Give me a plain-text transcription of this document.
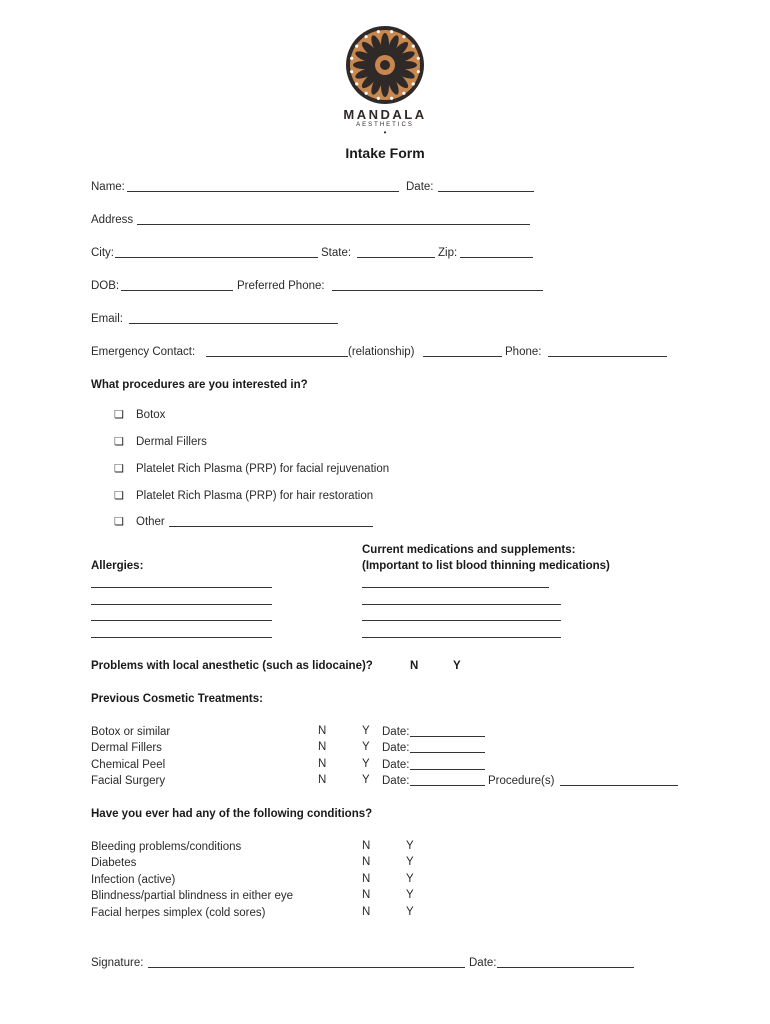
MANDALA
AESTHETICS
•
Intake Form
Name:	Date:
Address
City:	State:	Zip:
DOB:	Preferred Phone:
Email:
Emergency Contact:	(relationship)	Phone:
What procedures are you interested in?
❏ Botox
❏ Dermal Fillers
❏ Platelet Rich Plasma (PRP) for facial rejuvenation
❏ Platelet Rich Plasma (PRP) for hair restoration
❏ Other
Allergies:
Current medications and supplements:
(Important to list blood thinning medications)
Problems with local anesthetic (such as lidocaine)?	N	Y
Previous Cosmetic Treatments:
Botox or similar	N	Y Date:
Dermal Fillers	N	Y Date:
Chemical Peel	N	Y Date:
Facial Surgery	N	Y Date:	Procedure(s)
Have you ever had any of the following conditions?
Bleeding problems/conditions	N	Y
Diabetes	N	Y
Infection (active)	N	Y
Blindness/partial blindness in either eye	N	Y
Facial herpes simplex (cold sores)	N	Y
Signature:	Date:
